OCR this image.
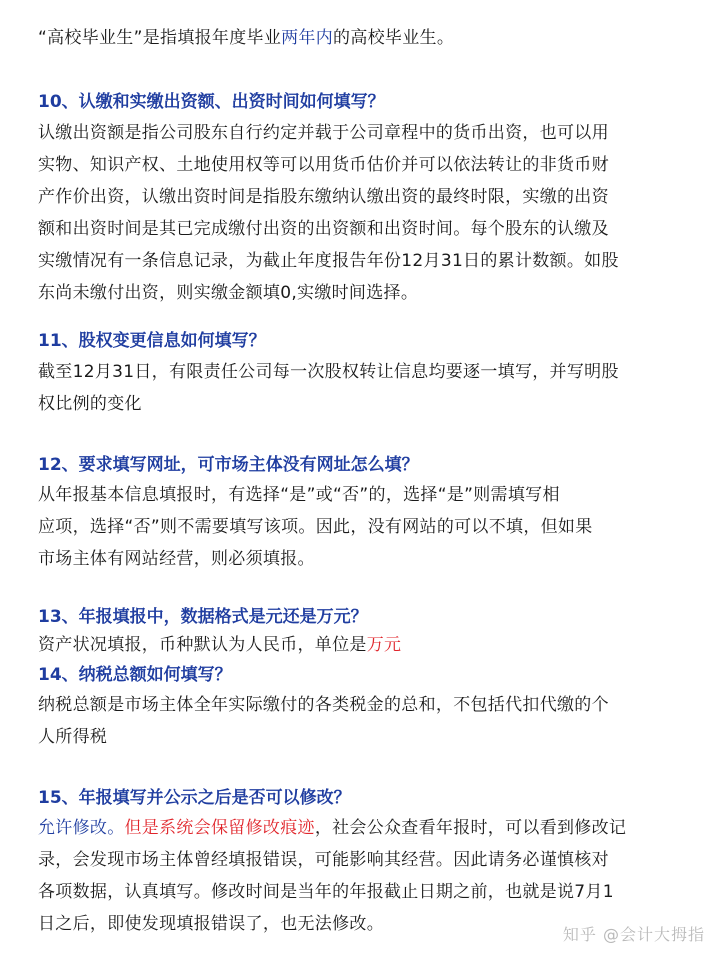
“高校毕业生”是指填报年度毕业两年内的高校毕业生。

10、认缴和实缴出资额、出资时间如何填写？

认缴出资额是指公司股东自行约定并载于公司章程中的货币出资，也可以用
实物、知识产权、土地使用权等可以用货币估价并可以依法转让的非货币财
产作价出资，认缴出资时间是指股东缴纳认缴出资的最终时限，实缴的出资
额和出资时间是其已完成缴付出资的出资额和出资时间。每个股东的认缴及
实缴情况有一条信息记录，为截止年度报告年份12月31日的累计数额。如股
东尚未缴付出资，则实缴金额填0,实缴时间选择。

11、股权变更信息如何填写？

截至12月31日，有限责任公司每一次股权转让信息均要逐一填写，并写明股
权比例的变化

12、要求填写网址，可市场主体没有网址怎么填？

从年报基本信息填报时，有选择“是”或“否”的，选择“是”则需填写相
应项，选择“否”则不需要填写该项。因此，没有网站的可以不填，但如果
市场主体有网站经营，则必须填报。

13、年报填报中，数据格式是元还是万元？

资产状况填报，币种默认为人民币，单位是万元

14、纳税总额如何填写？

纳税总额是市场主体全年实际缴付的各类税金的总和，不包括代扣代缴的个
人所得税

15、年报填写并公示之后是否可以修改？

允许修改。但是系统会保留修改痕迹，社会公众查看年报时，可以看到修改记
录，会发现市场主体曾经填报错误，可能影响其经营。因此请务必谨慎核对
各项数据，认真填写。修改时间是当年的年报截止日期之前，也就是说7月1
日之后，即使发现填报错误了，也无法修改。

知乎 @会计大拇指
